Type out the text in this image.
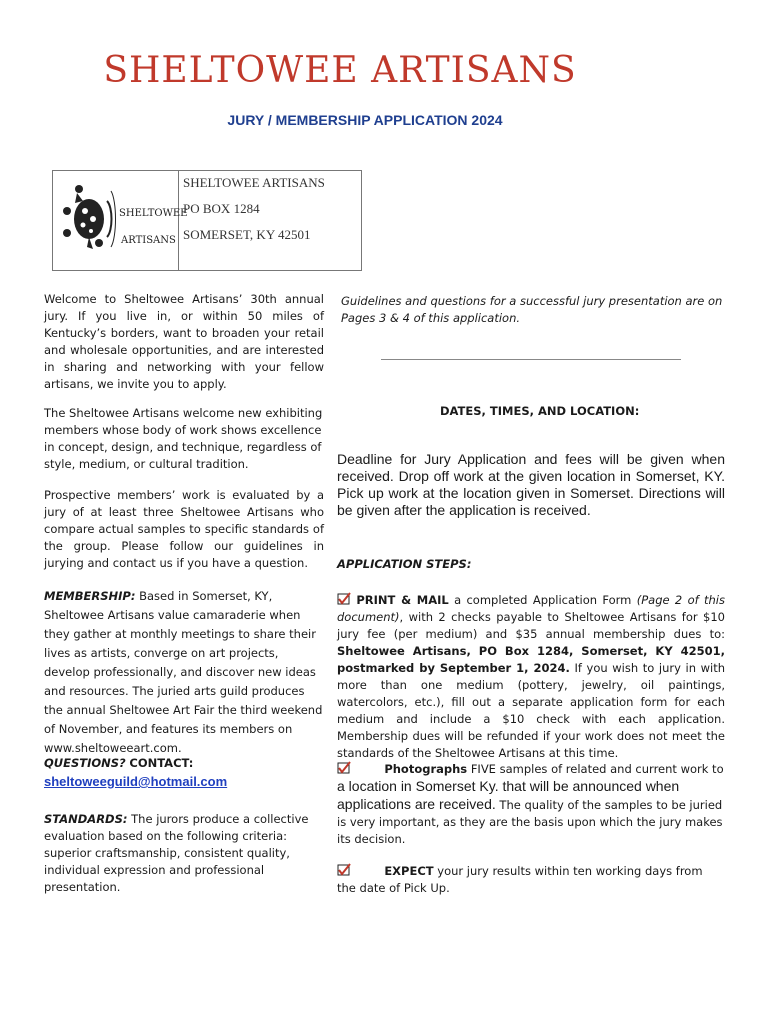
SHELTOWEE ARTISANS
JURY / MEMBERSHIP APPLICATION 2024
SHELTOWEE
ARTISANS
SHELTOWEE ARTISANS
PO BOX 1284
SOMERSET, KY 42501

Welcome to Sheltowee Artisans’ 30th annual jury. If you live in, or within 50 miles of Kentucky’s borders, want to broaden your retail and wholesale opportunities, and are interested in sharing and networking with your fellow artisans, we invite you to apply.

The Sheltowee Artisans welcome new exhibiting members whose body of work shows excellence in concept, design, and technique, regardless of style, medium, or cultural tradition.

Prospective members’ work is evaluated by a jury of at least three Sheltowee Artisans who compare actual samples to specific standards of the group. Please follow our guidelines in jurying and contact us if you have a question.

MEMBERSHIP: Based in Somerset, KY, Sheltowee Artisans value camaraderie when they gather at monthly meetings to share their lives as artists, converge on art projects, develop professionally, and discover new ideas and resources. The juried arts guild produces the annual Sheltowee Art Fair the third weekend of November, and features its members on www.sheltoweeart.com.

QUESTIONS? CONTACT:

sheltoweeguild@hotmail.com

STANDARDS: The jurors produce a collective evaluation based on the following criteria: superior craftsmanship, consistent quality, individual expression and professional presentation.

Guidelines and questions for a successful jury presentation are on Pages 3 & 4 of this application.

DATES, TIMES, AND LOCATION:

Deadline for Jury Application and fees will be given when received. Drop off work at the given location in Somerset, KY. Pick up work at the location given in Somerset. Directions will be given after the application is received.

APPLICATION STEPS:

PRINT & MAIL a completed Application Form (Page 2 of this document), with 2 checks payable to Sheltowee Artisans for $10 jury fee (per medium) and $35 annual membership dues to: Sheltowee Artisans, PO Box 1284, Somerset, KY 42501, postmarked by September 1, 2024. If you wish to jury in with more than one medium (pottery, jewelry, oil paintings, watercolors, etc.), fill out a separate application form for each medium and include a $10 check with each application. Membership dues will be refunded if your work does not meet the standards of the Sheltowee Artisans at this time.

Photographs FIVE samples of related and current work to a location in Somerset Ky. that will be announced when applications are received. The quality of the samples to be juried is very important, as they are the basis upon which the jury makes its decision.

EXPECT your jury results within ten working days from the date of Pick Up.
